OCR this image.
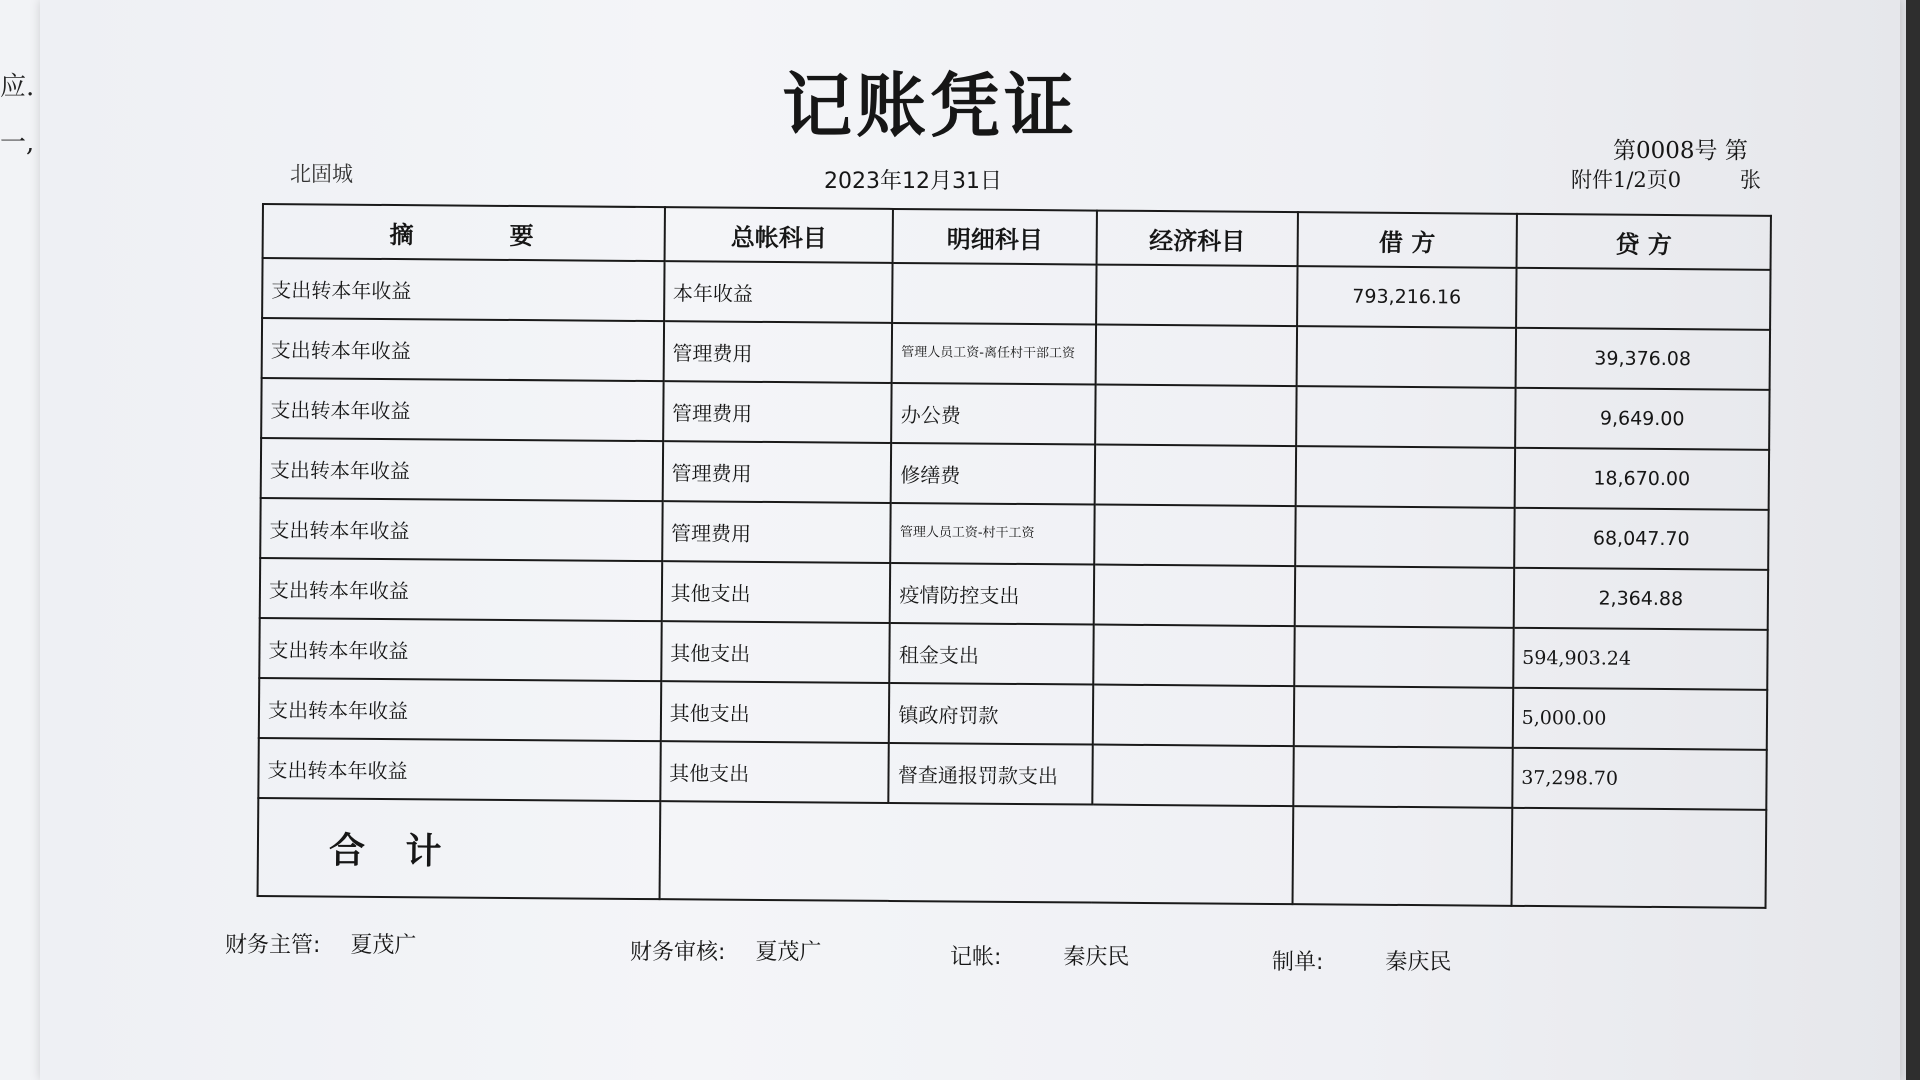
应.
一,	记账凭证
北固城	2023年12月31日
第0008号 第
附件1/2页0	张
摘　要	总帐科目	明细科目	经济科目	借 方	贷 方
支出转本年收益	本年收益			793,216.16	
支出转本年收益	管理费用	管理人员工资-离任村干部工资			39,376.08
支出转本年收益	管理费用	办公费			9,649.00
支出转本年收益	管理费用	修缮费			18,670.00
支出转本年收益	管理费用	管理人员工资-村干工资			68,047.70
支出转本年收益	其他支出	疫情防控支出			2,364.88
支出转本年收益	其他支出	租金支出			594,903.24
支出转本年收益	其他支出	镇政府罚款			5,000.00
支出转本年收益	其他支出	督查通报罚款支出			37,298.70
合 计					
财务主管: 夏茂广	财务审核: 夏茂广	记帐:	秦庆民	制单:	秦庆民
